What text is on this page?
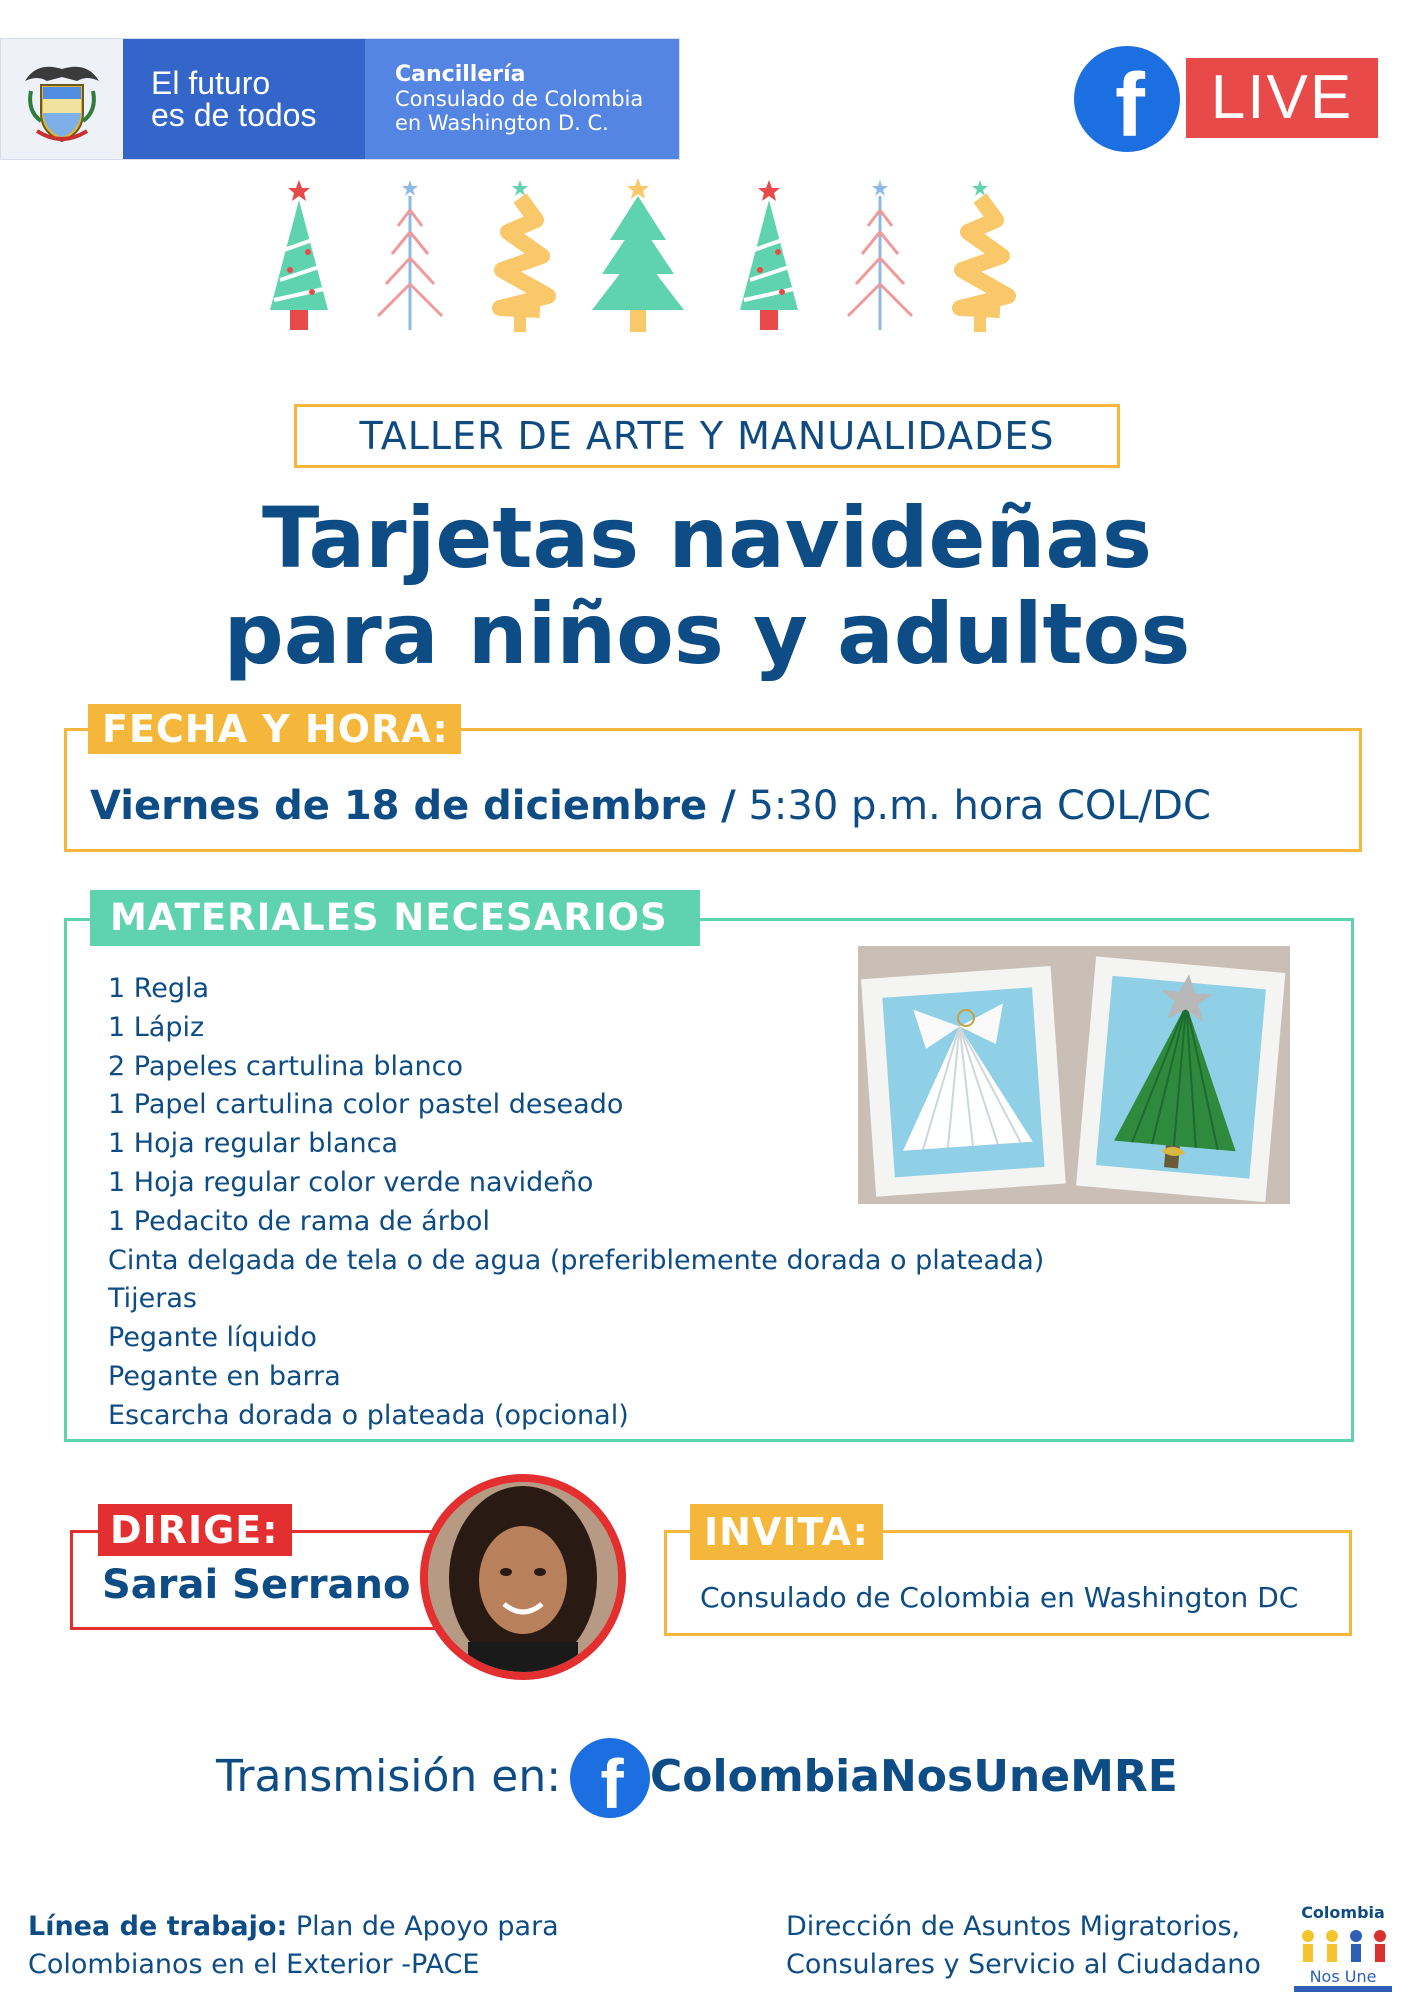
El futuro
es de todos
Cancillería
Consulado de Colombia
en Washington D. C.	f	LIVE
TALLER DE ARTE Y MANUALIDADES
Tarjetas navideñas
para niños y adultos
FECHA Y HORA:
Viernes de 18 de diciembre / 5:30 p.m. hora COL/DC
MATERIALES NECESARIOS
1 Regla
1 Lápiz
2 Papeles cartulina blanco
1 Papel cartulina color pastel deseado
1 Hoja regular blanca
1 Hoja regular color verde navideño
1 Pedacito de rama de árbol
Cinta delgada de tela o de agua (preferiblemente dorada o plateada)
Tijeras
Pegante líquido
Pegante en barra
Escarcha dorada o plateada (opcional)
DIRIGE:
Sarai Serrano
INVITA:
Consulado de Colombia en Washington DC
Transmisión en: f ColombiaNosUneMRE
Línea de trabajo: Plan de Apoyo para
Colombianos en el Exterior -PACE
Dirección de Asuntos Migratorios,
Consulares y Servicio al Ciudadano
Colombia
Nos Une
